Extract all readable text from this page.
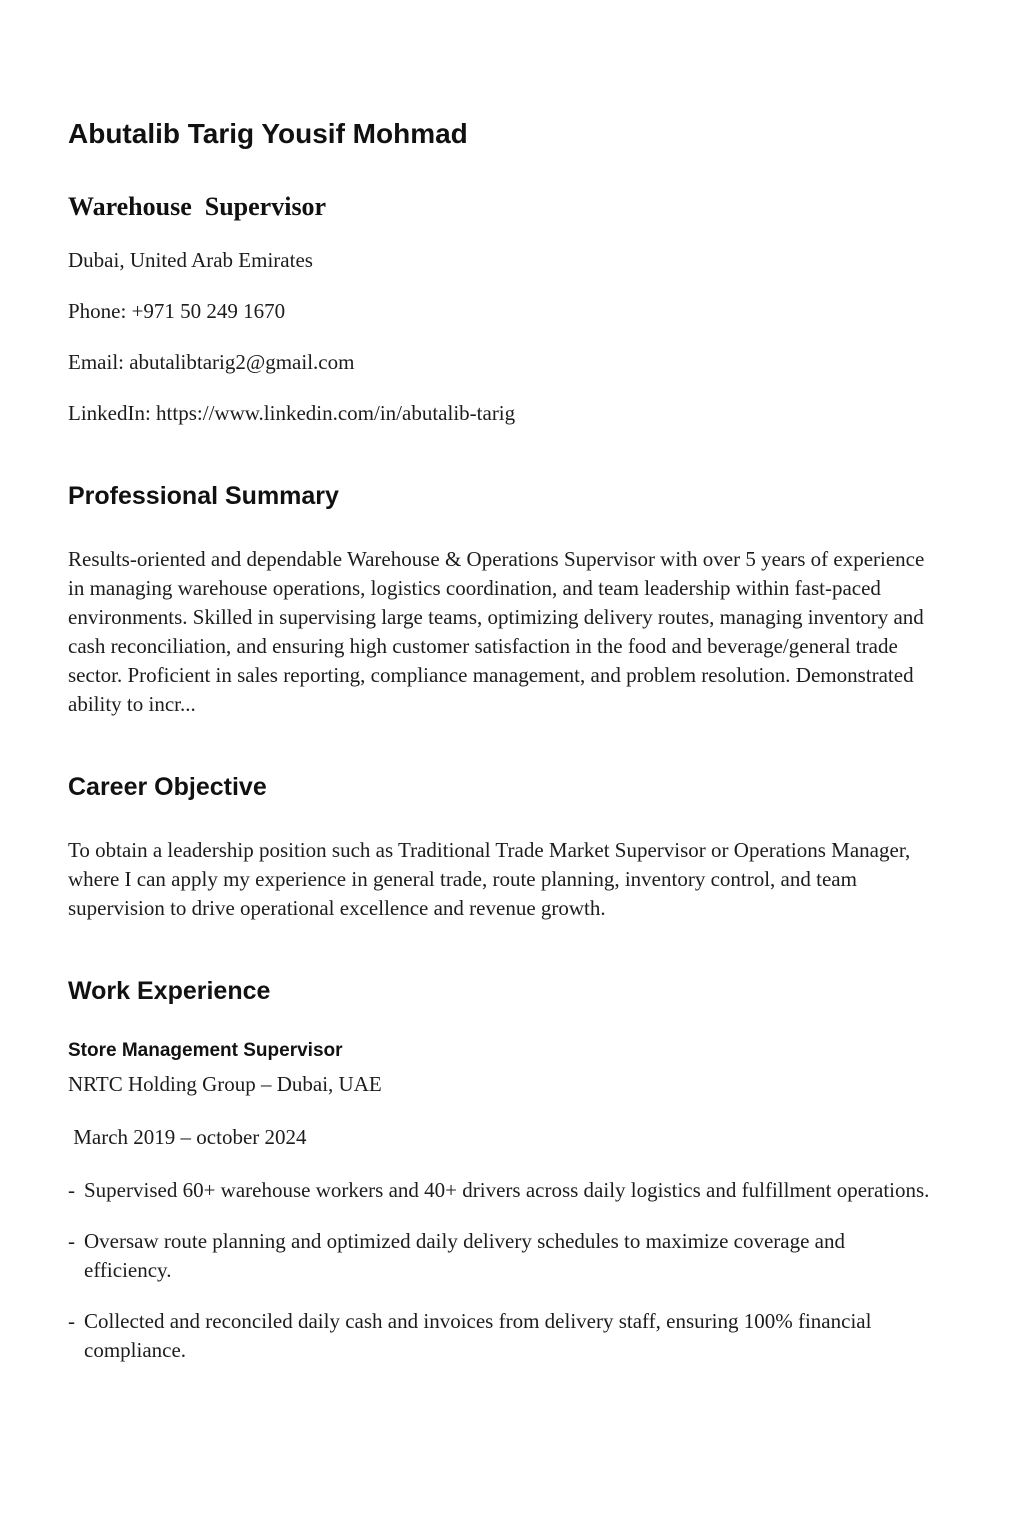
Abutalib Tarig Yousif Mohmad
Warehouse  Supervisor

Dubai, United Arab Emirates

Phone: +971 50 249 1670

Email: abutalibtarig2@gmail.com

LinkedIn: https://www.linkedin.com/in/abutalib-tarig

Professional Summary

Results-oriented and dependable Warehouse & Operations Supervisor with over 5 years of experience in managing warehouse operations, logistics coordination, and team leadership within fast-paced environments. Skilled in supervising large teams, optimizing delivery routes, managing inventory and cash reconciliation, and ensuring high customer satisfaction in the food and beverage/general trade sector. Proficient in sales reporting, compliance management, and problem resolution. Demonstrated ability to incr...

Career Objective

To obtain a leadership position such as Traditional Trade Market Supervisor or Operations Manager, where I can apply my experience in general trade, route planning, inventory control, and team supervision to drive operational excellence and revenue growth.

Work Experience
Store Management Supervisor

NRTC Holding Group – Dubai, UAE

March 2019 – october 2024

- Supervised 60+ warehouse workers and 40+ drivers across daily logistics and fulfillment operations.
- Oversaw route planning and optimized daily delivery schedules to maximize coverage and efficiency.
- Collected and reconciled daily cash and invoices from delivery staff, ensuring 100% financial compliance.
